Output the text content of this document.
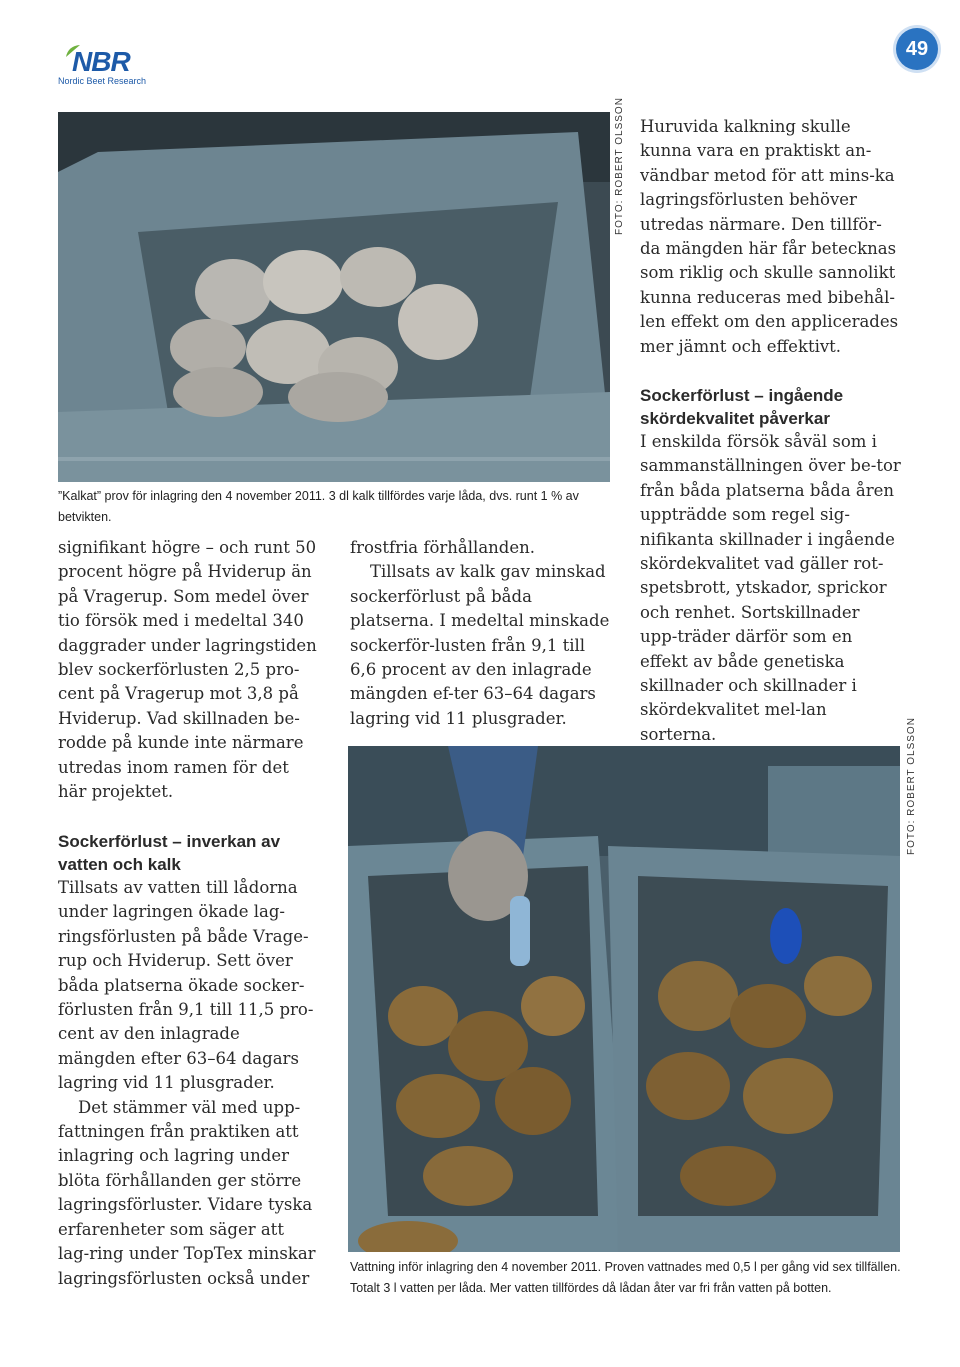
NBR
Nordic Beet Research
49
FOTO: ROBERT OLSSON
”Kalkat” prov för inlagring den 4 november 2011. 3 dl kalk tillfördes varje låda, dvs. runt 1 % av betvikten.
Huruvida kalkning skulle kunna vara en praktiskt an-vändbar metod för att mins-ka lagringsförlusten behöver utredas närmare. Den tillför-da mängden här får betecknas som riklig och skulle sannolikt kunna reduceras med bibehål-len effekt om den applicerades mer jämnt och effektivt.

Sockerförlust – ingående skördekvalitet påverkar

I enskilda försök såväl som i sammanställningen över be-tor från båda platserna båda åren uppträdde som regel sig-nifikanta skillnader i ingående skördekvalitet vad gäller rot-spetsbrott, ytskador, sprickor och renhet. Sortskillnader upp-träder därför som en effekt av både genetiska skillnader och skillnader i skördekvalitet mel-lan sorterna.
signifikant högre – och runt 50 procent högre på Hviderup än på Vragerup. Som medel över tio försök med i medeltal 340 daggrader under lagringstiden blev sockerförlusten 2,5 pro-cent på Vragerup mot 3,8 på Hviderup. Vad skillnaden be-rodde på kunde inte närmare utredas inom ramen för det här projektet.

Sockerförlust – inverkan av vatten och kalk

Tillsats av vatten till lådorna under lagringen ökade lag-ringsförlusten på både Vrage-rup och Hviderup. Sett över båda platserna ökade socker-förlusten från 9,1 till 11,5 pro-cent av den inlagrade mängden efter 63–64 dagars lagring vid 11 plusgrader.

Det stämmer väl med upp-fattningen från praktiken att inlagring och lagring under blöta förhållanden ger större lagringsförluster. Vidare tyska erfarenheter som säger att lag-ring under TopTex minskar lagringsförlusten också under

frostfria förhållanden.

Tillsats av kalk gav minskad sockerförlust på båda platserna. I medeltal minskade sockerför-lusten från 9,1 till 6,6 procent av den inlagrade mängden ef-ter 63–64 dagars lagring vid 11 plusgrader.	FOTO: ROBERT OLSSON
Vattning inför inlagring den 4 november 2011. Proven vattnades med 0,5 l per gång vid sex tillfällen.
Totalt 3 l vatten per låda. Mer vatten tillfördes då lådan åter var fri från vatten på botten.
